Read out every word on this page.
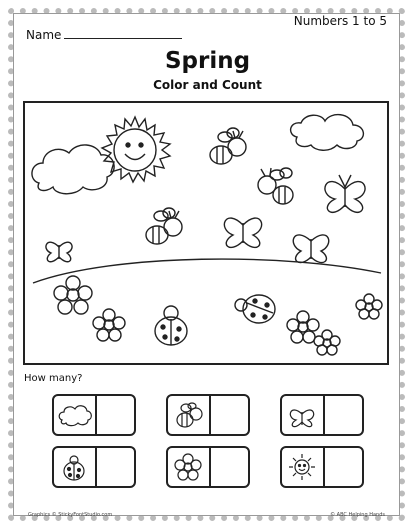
Name
Numbers 1 to 5
Spring
Color and Count
How many?
Graphics © StickyFontStudio.com	© ABC Helping Hands
